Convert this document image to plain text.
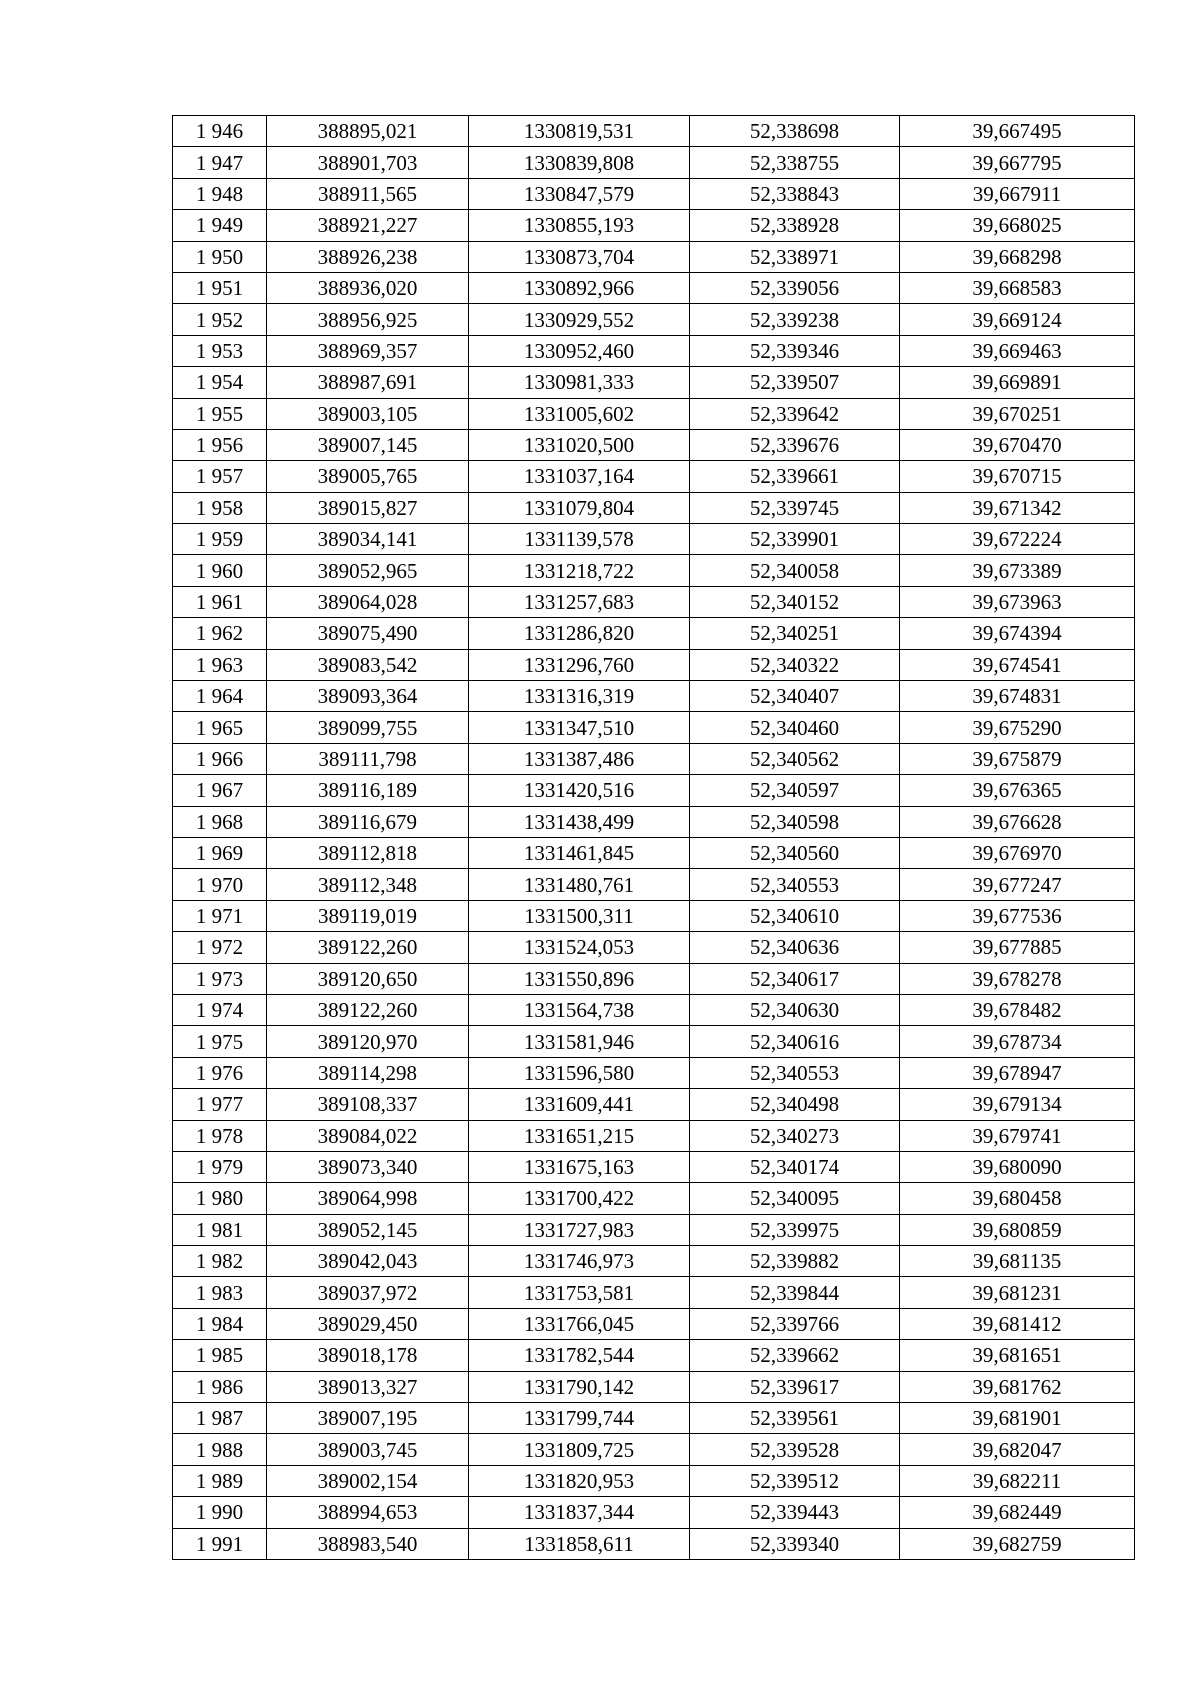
1 946	388895,021	1330819,531	52,338698	39,667495
1 947	388901,703	1330839,808	52,338755	39,667795
1 948	388911,565	1330847,579	52,338843	39,667911
1 949	388921,227	1330855,193	52,338928	39,668025
1 950	388926,238	1330873,704	52,338971	39,668298
1 951	388936,020	1330892,966	52,339056	39,668583
1 952	388956,925	1330929,552	52,339238	39,669124
1 953	388969,357	1330952,460	52,339346	39,669463
1 954	388987,691	1330981,333	52,339507	39,669891
1 955	389003,105	1331005,602	52,339642	39,670251
1 956	389007,145	1331020,500	52,339676	39,670470
1 957	389005,765	1331037,164	52,339661	39,670715
1 958	389015,827	1331079,804	52,339745	39,671342
1 959	389034,141	1331139,578	52,339901	39,672224
1 960	389052,965	1331218,722	52,340058	39,673389
1 961	389064,028	1331257,683	52,340152	39,673963
1 962	389075,490	1331286,820	52,340251	39,674394
1 963	389083,542	1331296,760	52,340322	39,674541
1 964	389093,364	1331316,319	52,340407	39,674831
1 965	389099,755	1331347,510	52,340460	39,675290
1 966	389111,798	1331387,486	52,340562	39,675879
1 967	389116,189	1331420,516	52,340597	39,676365
1 968	389116,679	1331438,499	52,340598	39,676628
1 969	389112,818	1331461,845	52,340560	39,676970
1 970	389112,348	1331480,761	52,340553	39,677247
1 971	389119,019	1331500,311	52,340610	39,677536
1 972	389122,260	1331524,053	52,340636	39,677885
1 973	389120,650	1331550,896	52,340617	39,678278
1 974	389122,260	1331564,738	52,340630	39,678482
1 975	389120,970	1331581,946	52,340616	39,678734
1 976	389114,298	1331596,580	52,340553	39,678947
1 977	389108,337	1331609,441	52,340498	39,679134
1 978	389084,022	1331651,215	52,340273	39,679741
1 979	389073,340	1331675,163	52,340174	39,680090
1 980	389064,998	1331700,422	52,340095	39,680458
1 981	389052,145	1331727,983	52,339975	39,680859
1 982	389042,043	1331746,973	52,339882	39,681135
1 983	389037,972	1331753,581	52,339844	39,681231
1 984	389029,450	1331766,045	52,339766	39,681412
1 985	389018,178	1331782,544	52,339662	39,681651
1 986	389013,327	1331790,142	52,339617	39,681762
1 987	389007,195	1331799,744	52,339561	39,681901
1 988	389003,745	1331809,725	52,339528	39,682047
1 989	389002,154	1331820,953	52,339512	39,682211
1 990	388994,653	1331837,344	52,339443	39,682449
1 991	388983,540	1331858,611	52,339340	39,682759
